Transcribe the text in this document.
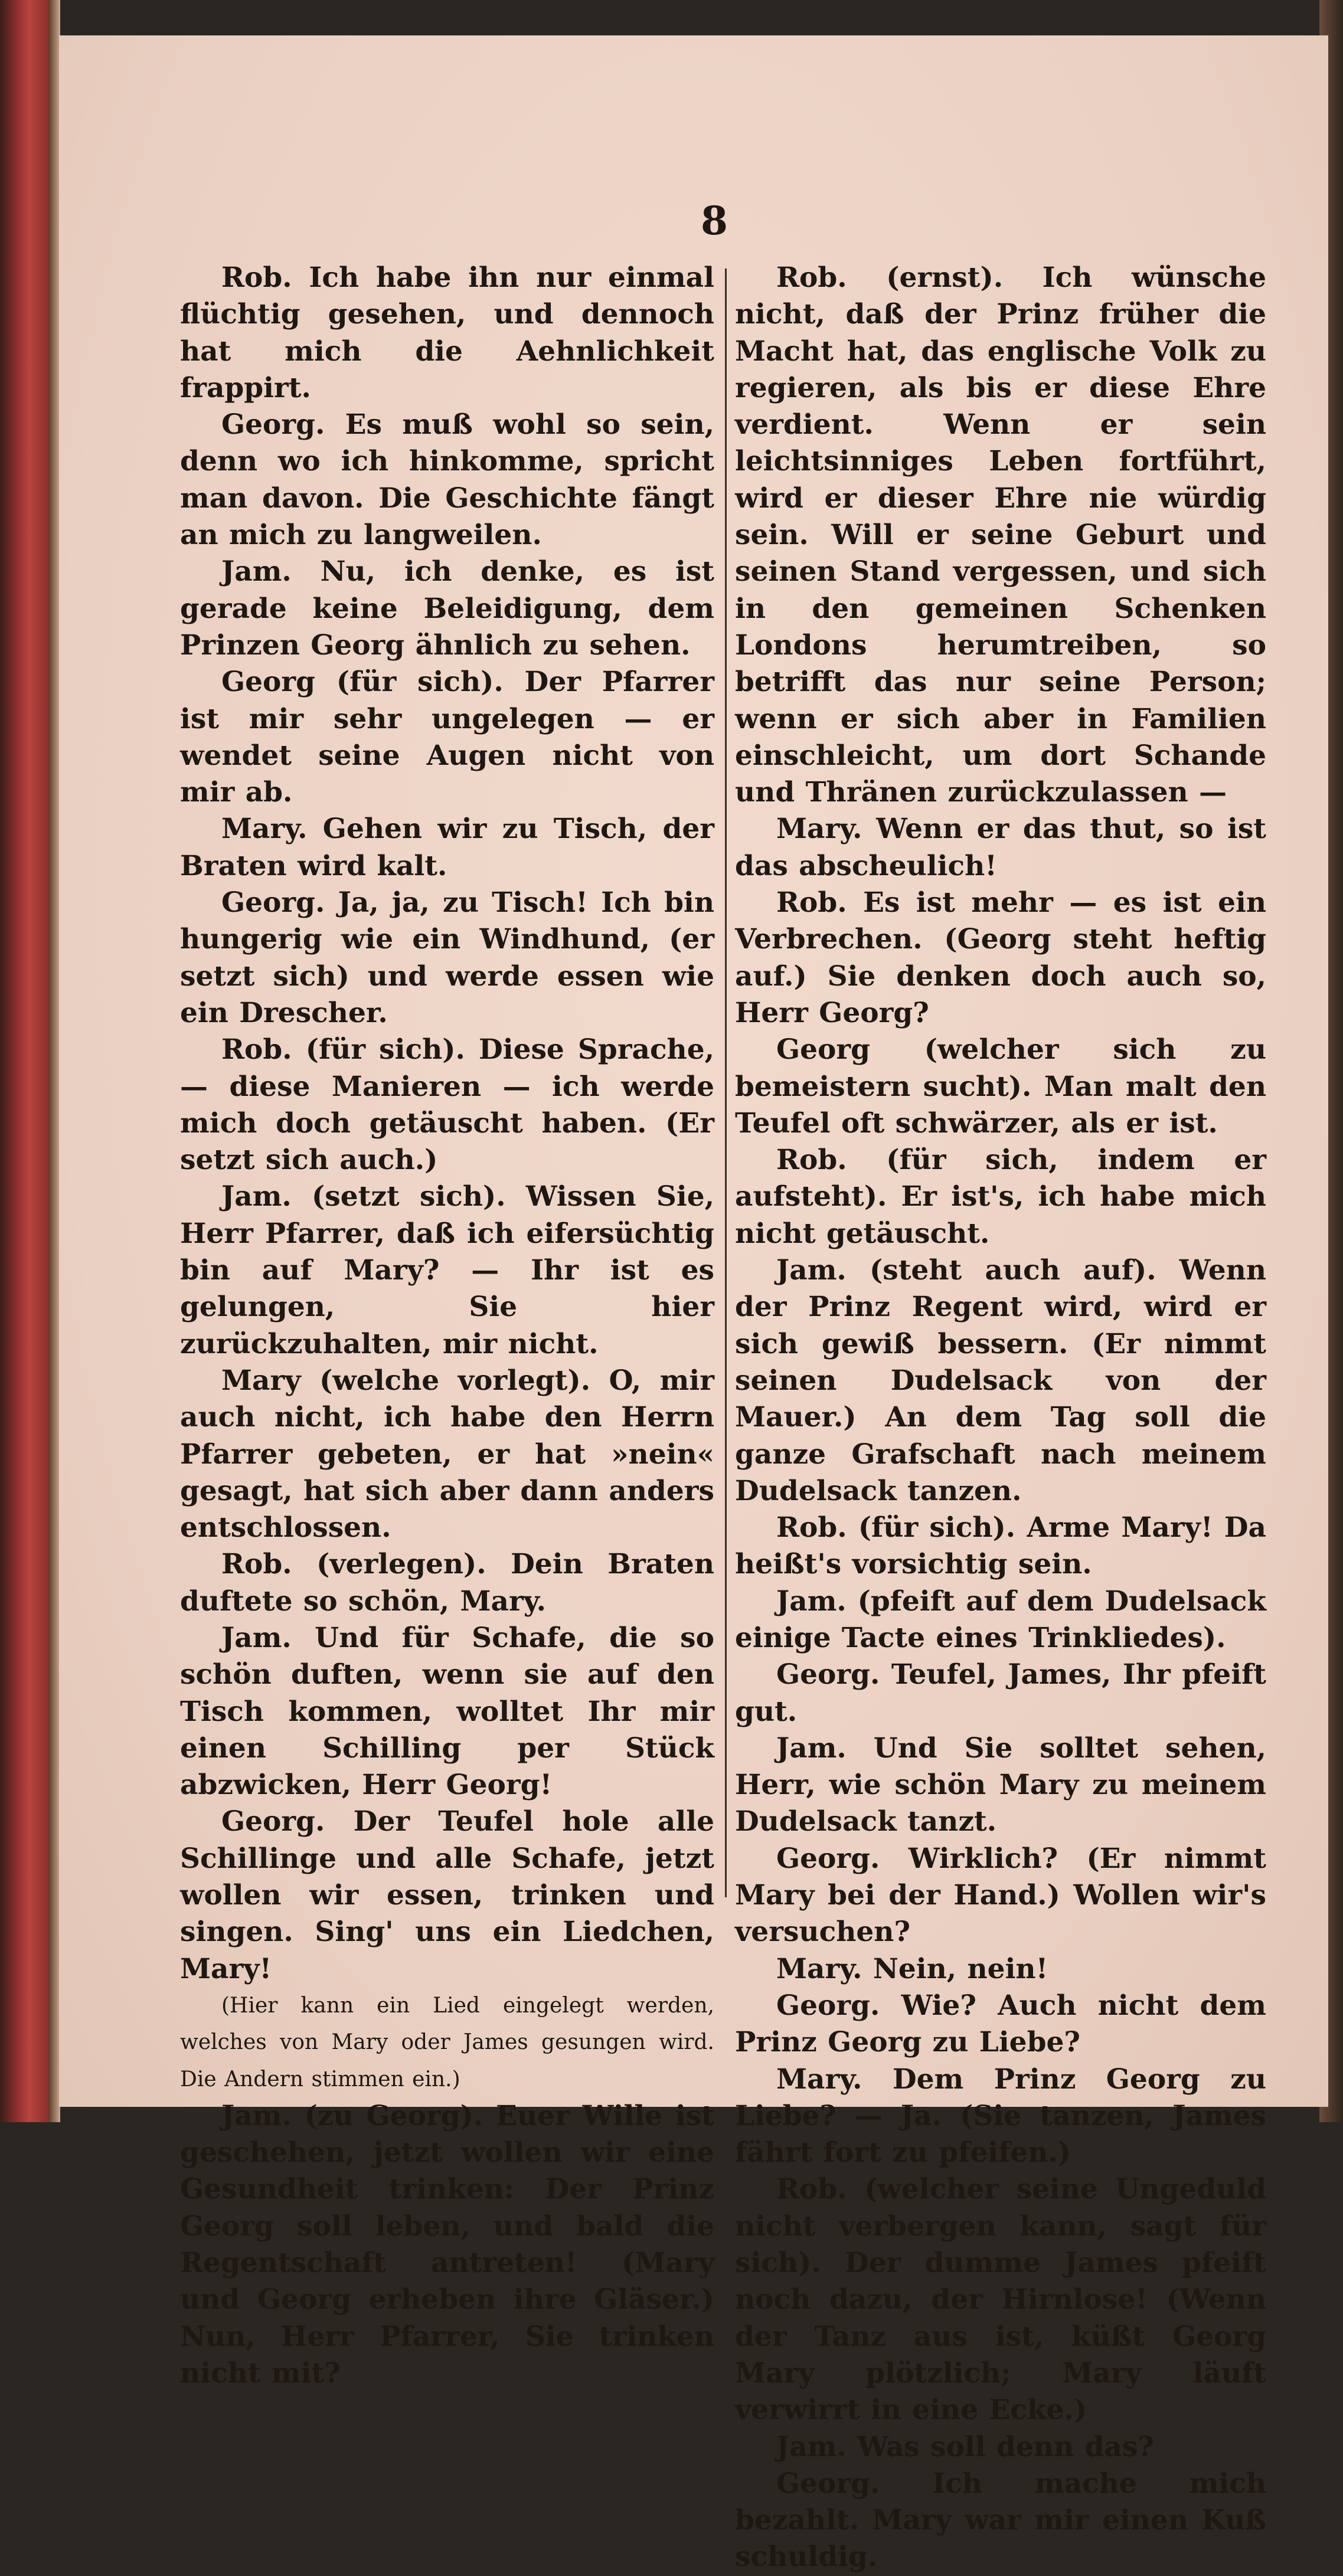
8

Rob. Ich habe ihn nur einmal flüchtig gesehen, und dennoch hat mich die Aehnlichkeit frappirt.

Georg. Es muß wohl so sein, denn wo ich hinkomme, spricht man davon. Die Geschichte fängt an mich zu langweilen.

Jam. Nu, ich denke, es ist gerade keine Beleidigung, dem Prinzen Georg ähnlich zu sehen.

Georg (für sich). Der Pfarrer ist mir sehr ungelegen — er wendet seine Augen nicht von mir ab.

Mary. Gehen wir zu Tisch, der Braten wird kalt.

Georg. Ja, ja, zu Tisch! Ich bin hungerig wie ein Windhund, (er setzt sich) und werde essen wie ein Drescher.

Rob. (für sich). Diese Sprache, — diese Manieren — ich werde mich doch getäuscht haben. (Er setzt sich auch.)

Jam. (setzt sich). Wissen Sie, Herr Pfarrer, daß ich eifersüchtig bin auf Mary? — Ihr ist es gelungen, Sie hier zurückzuhalten, mir nicht.

Mary (welche vorlegt). O, mir auch nicht, ich habe den Herrn Pfarrer gebeten, er hat »nein« gesagt, hat sich aber dann anders entschlossen.

Rob. (verlegen). Dein Braten duftete so schön, Mary.

Jam. Und für Schafe, die so schön duften, wenn sie auf den Tisch kommen, wolltet Ihr mir einen Schilling per Stück abzwicken, Herr Georg!

Georg. Der Teufel hole alle Schillinge und alle Schafe, jetzt wollen wir essen, trinken und singen. Sing' uns ein Liedchen, Mary!

(Hier kann ein Lied eingelegt werden, welches von Mary oder James gesungen wird. Die Andern stimmen ein.)

Jam. (zu Georg). Euer Wille ist geschehen, jetzt wollen wir eine Gesundheit trinken: Der Prinz Georg soll leben, und bald die Regentschaft antreten! (Mary und Georg erheben ihre Gläser.) Nun, Herr Pfarrer, Sie trinken nicht mit?

Rob. (ernst). Ich wünsche nicht, daß der Prinz früher die Macht hat, das englische Volk zu regieren, als bis er diese Ehre verdient. Wenn er sein leichtsinniges Leben fortführt, wird er dieser Ehre nie würdig sein. Will er seine Geburt und seinen Stand vergessen, und sich in den gemeinen Schenken Londons herumtreiben, so betrifft das nur seine Person; wenn er sich aber in Familien einschleicht, um dort Schande und Thränen zurückzulassen —

Mary. Wenn er das thut, so ist das abscheulich!

Rob. Es ist mehr — es ist ein Verbrechen. (Georg steht heftig auf.) Sie denken doch auch so, Herr Georg?

Georg (welcher sich zu bemeistern sucht). Man malt den Teufel oft schwärzer, als er ist.

Rob. (für sich, indem er aufsteht). Er ist's, ich habe mich nicht getäuscht.

Jam. (steht auch auf). Wenn der Prinz Regent wird, wird er sich gewiß bessern. (Er nimmt seinen Dudelsack von der Mauer.) An dem Tag soll die ganze Grafschaft nach meinem Dudelsack tanzen.

Rob. (für sich). Arme Mary! Da heißt's vorsichtig sein.

Jam. (pfeift auf dem Dudelsack einige Tacte eines Trinkliedes).

Georg. Teufel, James, Ihr pfeift gut.

Jam. Und Sie solltet sehen, Herr, wie schön Mary zu meinem Dudelsack tanzt.

Georg. Wirklich? (Er nimmt Mary bei der Hand.) Wollen wir's versuchen?

Mary. Nein, nein!

Georg. Wie? Auch nicht dem Prinz Georg zu Liebe?

Mary. Dem Prinz Georg zu Liebe? — Ja. (Sie tanzen, James fährt fort zu pfeifen.)

Rob. (welcher seine Ungeduld nicht verbergen kann, sagt für sich). Der dumme James pfeift noch dazu, der Hirnlose! (Wenn der Tanz aus ist, küßt Georg Mary plötzlich; Mary läuft verwirrt in eine Ecke.)

Jam. Was soll denn das?

Georg. Ich mache mich bezahlt. Mary war mir einen Kuß schuldig.
